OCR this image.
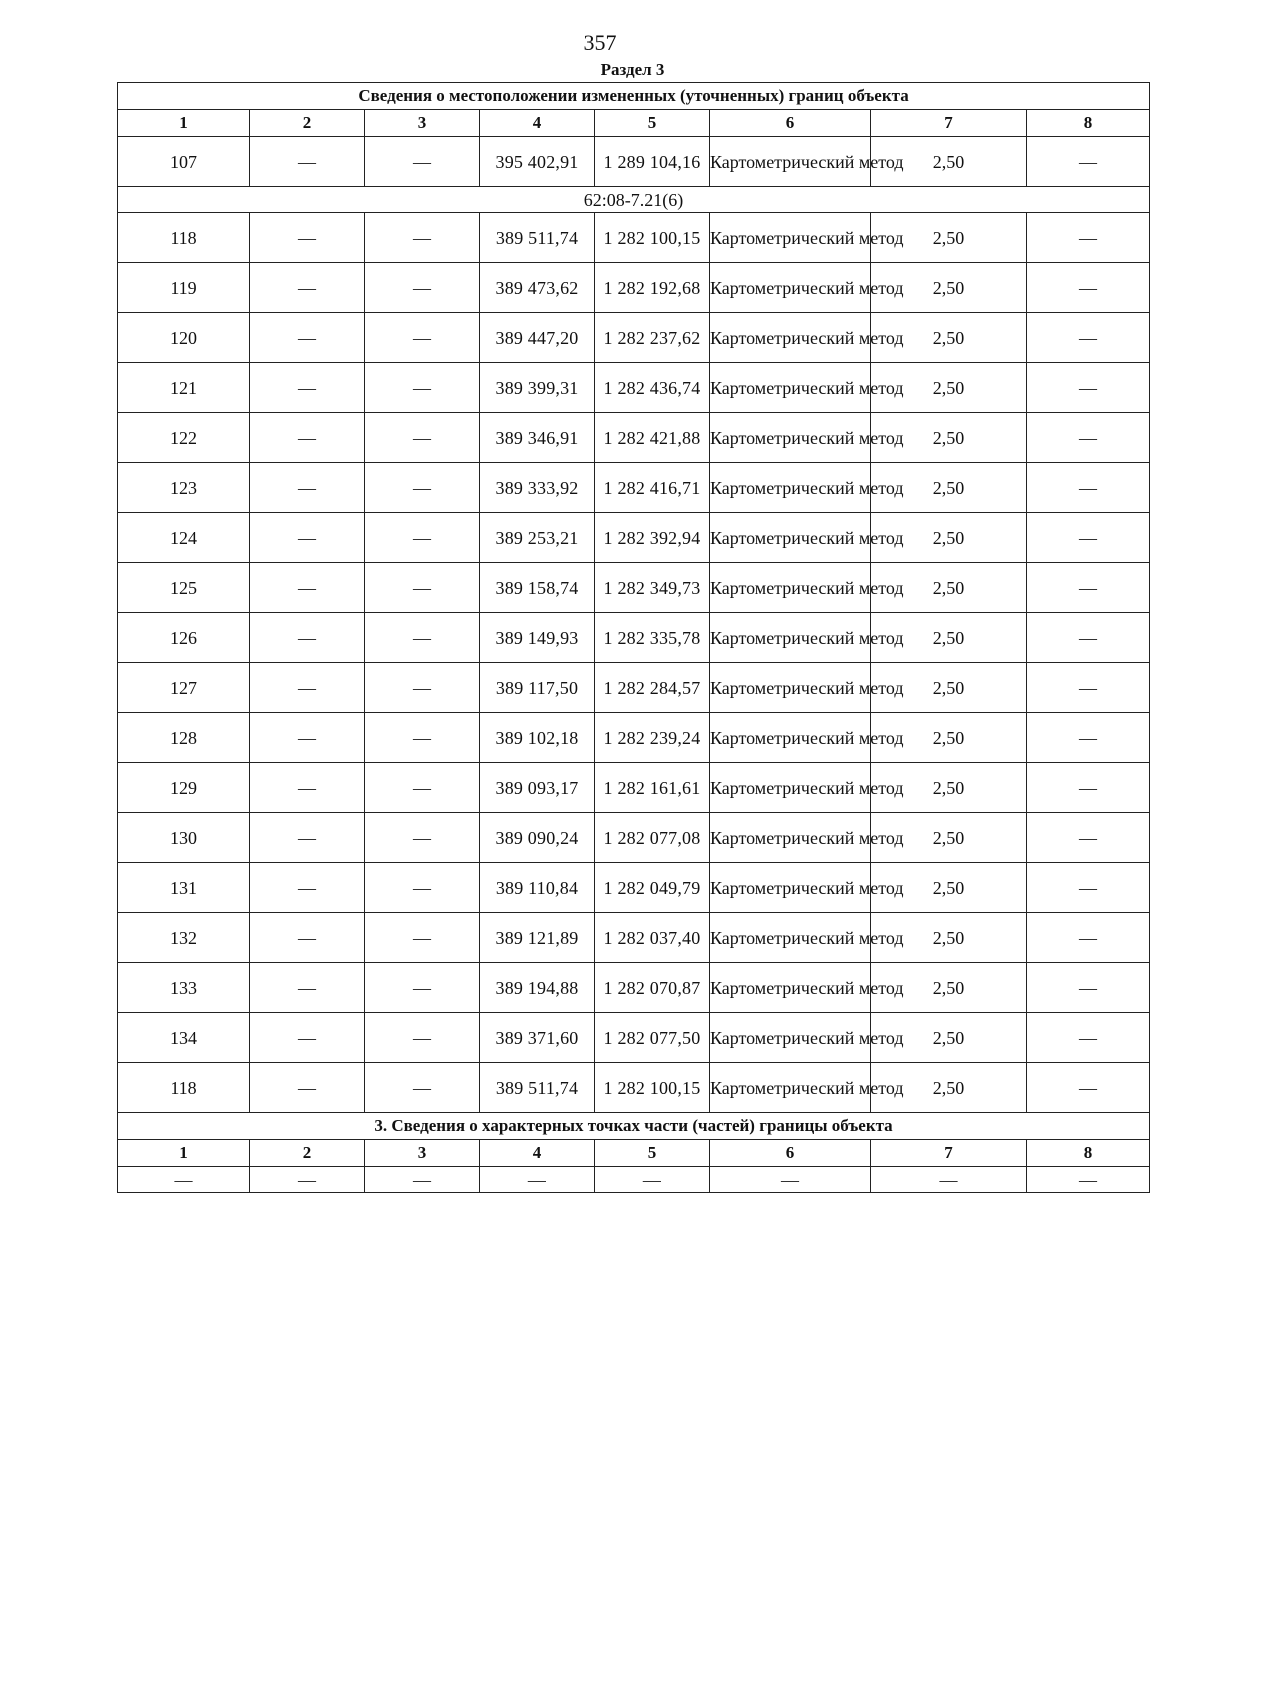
357
Раздел 3
Сведения о местоположении измененных (уточненных) границ объекта							
1	2	3	4	5	6	7	8
107	—	—	395 402,91	1 289 104,16	Картометрический метод	2,50	—
62:08-7.21(6)							
118	—	—	389 511,74	1 282 100,15	Картометрический метод	2,50	—
119	—	—	389 473,62	1 282 192,68	Картометрический метод	2,50	—
120	—	—	389 447,20	1 282 237,62	Картометрический метод	2,50	—
121	—	—	389 399,31	1 282 436,74	Картометрический метод	2,50	—
122	—	—	389 346,91	1 282 421,88	Картометрический метод	2,50	—
123	—	—	389 333,92	1 282 416,71	Картометрический метод	2,50	—
124	—	—	389 253,21	1 282 392,94	Картометрический метод	2,50	—
125	—	—	389 158,74	1 282 349,73	Картометрический метод	2,50	—
126	—	—	389 149,93	1 282 335,78	Картометрический метод	2,50	—
127	—	—	389 117,50	1 282 284,57	Картометрический метод	2,50	—
128	—	—	389 102,18	1 282 239,24	Картометрический метод	2,50	—
129	—	—	389 093,17	1 282 161,61	Картометрический метод	2,50	—
130	—	—	389 090,24	1 282 077,08	Картометрический метод	2,50	—
131	—	—	389 110,84	1 282 049,79	Картометрический метод	2,50	—
132	—	—	389 121,89	1 282 037,40	Картометрический метод	2,50	—
133	—	—	389 194,88	1 282 070,87	Картометрический метод	2,50	—
134	—	—	389 371,60	1 282 077,50	Картометрический метод	2,50	—
118	—	—	389 511,74	1 282 100,15	Картометрический метод	2,50	—
3. Сведения о характерных точках части (частей) границы объекта							
1	2	3	4	5	6	7	8
—	—	—	—	—	—	—	—
